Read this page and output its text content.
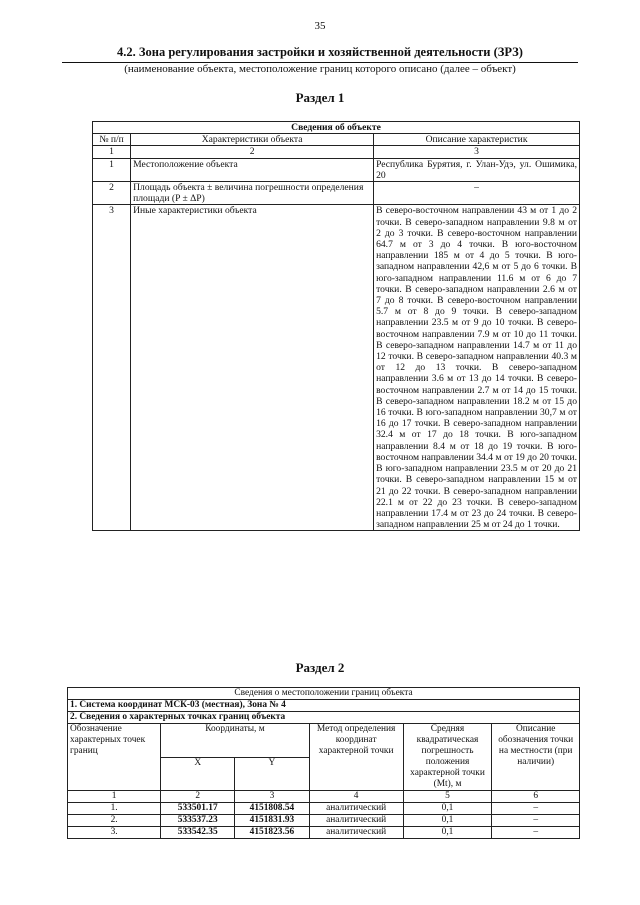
35
4.2. Зона регулирования застройки и хозяйственной деятельности (ЗРЗ)
(наименование объекта, местоположение границ которого описано (далее – объект)
Раздел 1
Сведения об объекте		
№ п/п	Характеристики объекта	Описание характеристик
1	2	3
1	Местоположение объекта	Республика Бурятия, г. Улан-Удэ, ул. Ошимика, 20
2	Площадь объекта ± величина погрешности определения площади (P ± ΔP)	–
3	Иные характеристики объекта	В северо-восточном направлении 43 м от 1 до 2 точки. В северо-западном направлении 9.8 м от 2 до 3 точки. В северо-восточном направлении 64.7 м от 3 до 4 точки. В юго-восточном направлении 185 м от 4 до 5 точки. В юго-западном направлении 42,6 м от 5 до 6 точки. В юго-западном направлении 11.6 м от 6 до 7 точки. В северо-западном направлении 2.6 м от 7 до 8 точки. В северо-восточном направлении 5.7 м от 8 до 9 точки. В северо-западном направлении 23.5 м от 9 до 10 точки. В северо-восточном направлении 7.9 м от 10 до 11 точки. В северо-западном направлении 14.7 м от 11 до 12 точки. В северо-западном направлении 40.3 м от 12 до 13 точки. В северо-западном направлении 3.6 м от 13 до 14 точки. В северо-восточном направлении 2.7 м от 14 до 15 точки. В северо-западном направлении 18.2 м от 15 до 16 точки. В юго-западном направлении 30,7 м от 16 до 17 точки. В северо-западном направлении 32.4 м от 17 до 18 точки. В юго-западном направлении 8.4 м от 18 до 19 точки. В юго-восточном направлении 34.4 м от 19 до 20 точки. В юго-западном направлении 23.5 м от 20 до 21 точки. В северо-западном направлении 15 м от 21 до 22 точки. В северо-западном направлении 22.1 м от 22 до 23 точки. В северо-западном направлении 17.4 м от 23 до 24 точки. В северо-западном направлении 25 м от 24 до 1 точки.
Раздел 2
Сведения о местоположении границ объекта					
1. Система координат МСК-03 (местная), Зона № 4					
2. Сведения о характерных точках границ объекта					
Обозначение характерных точек границ	Координаты, м		Метод определения координат характерной точки	Средняя квадратическая погрешность положения характерной точки (Mt), м	Описание обозначения точки на местности (при наличии)
	X	Y			
1	2	3	4	5	6
1.	533501.17	4151808.54	аналитический	0,1	–
2.	533537.23	4151831.93	аналитический	0,1	–
3.	533542.35	4151823.56	аналитический	0,1	–
